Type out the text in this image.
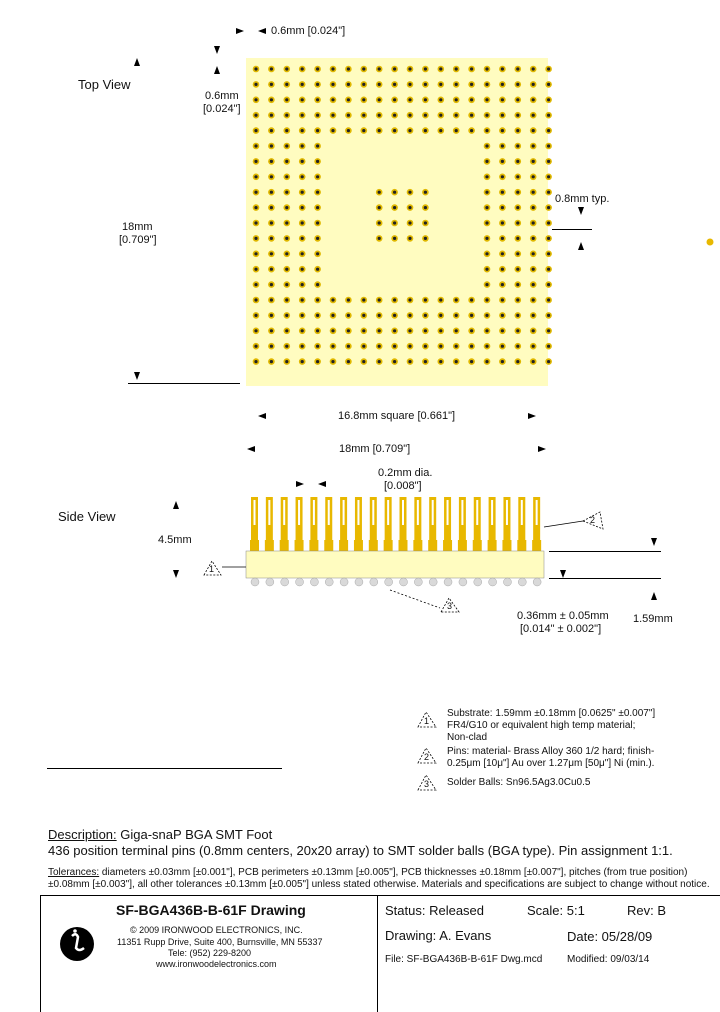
Top View
0.6mm [0.024"]
0.6mm
[0.024"]
18mm
[0.709"]
0.8mm typ.
16.8mm square [0.661"]
18mm [0.709"]
Side View
0.2mm dia.
[0.008"]
4.5mm
2
1
3
1.59mm
0.36mm ± 0.05mm
[0.014" ± 0.002"]
1
Substrate: 1.59mm ±0.18mm [0.0625" ±0.007"]
FR4/G10 or equivalent high temp material;
Non-clad
2 Pins: material- Brass Alloy 360 1/2 hard; finish-
0.25μm [10μ"] Au over 1.27μm [50μ"] Ni (min.).
3 Solder Balls: Sn96.5Ag3.0Cu0.5
Description: Giga-snaP BGA SMT Foot
436 position terminal pins (0.8mm centers, 20x20 array) to SMT solder balls (BGA type). Pin assignment 1:1.
Tolerances: diameters ±0.03mm [±0.001"], PCB perimeters ±0.13mm [±0.005"], PCB thicknesses ±0.18mm [±0.007"], pitches (from true position)
±0.08mm [±0.003"], all other tolerances ±0.13mm [±0.005"] unless stated otherwise. Materials and specifications are subject to change without notice.
SF-BGA436B-B-61F Drawing
© 2009 IRONWOOD ELECTRONICS, INC.
11351 Rupp Drive, Suite 400, Burnsville, MN 55337
Tele: (952) 229-8200
www.ironwoodelectronics.com
Status: Released	Scale: 5:1	Rev: B
Drawing: A. Evans	Date: 05/28/09
File: SF-BGA436B-B-61F Dwg.mcd Modified: 09/03/14
